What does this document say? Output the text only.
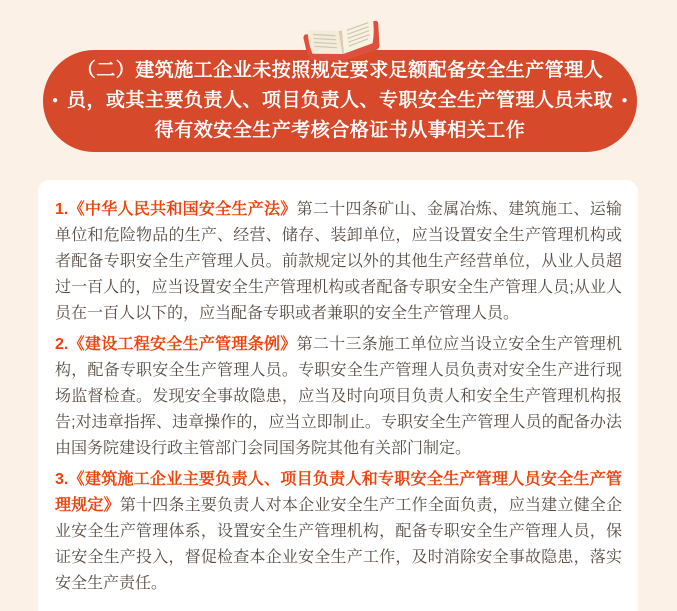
（二）建筑施工企业未按照规定要求足额配备安全生产管理人
● 员，或其主要负责人、项目负责人、专职安全生产管理人员未取 ●
得有效安全生产考核合格证书从事相关工作

1.《中华人民共和国安全生产法》第二十四条矿山、金属冶炼、建筑施工、运输单位和危险物品的生产、经营、储存、装卸单位，应当设置安全生产管理机构或者配备专职安全生产管理人员。前款规定以外的其他生产经营单位，从业人员超过一百人的，应当设置安全生产管理机构或者配备专职安全生产管理人员;从业人员在一百人以下的，应当配备专职或者兼职的安全生产管理人员。

2.《建设工程安全生产管理条例》第二十三条施工单位应当设立安全生产管理机构，配备专职安全生产管理人员。专职安全生产管理人员负责对安全生产进行现场监督检查。发现安全事故隐患，应当及时向项目负责人和安全生产管理机构报告;对违章指挥、违章操作的，应当立即制止。专职安全生产管理人员的配备办法由国务院建设行政主管部门会同国务院其他有关部门制定。

3.《建筑施工企业主要负责人、项目负责人和专职安全生产管理人员安全生产管理规定》第十四条主要负责人对本企业安全生产工作全面负责，应当建立健全企业安全生产管理体系，设置安全生产管理机构，配备专职安全生产管理人员，保证安全生产投入，督促检查本企业安全生产工作，及时消除安全事故隐患，落实安全生产责任。
